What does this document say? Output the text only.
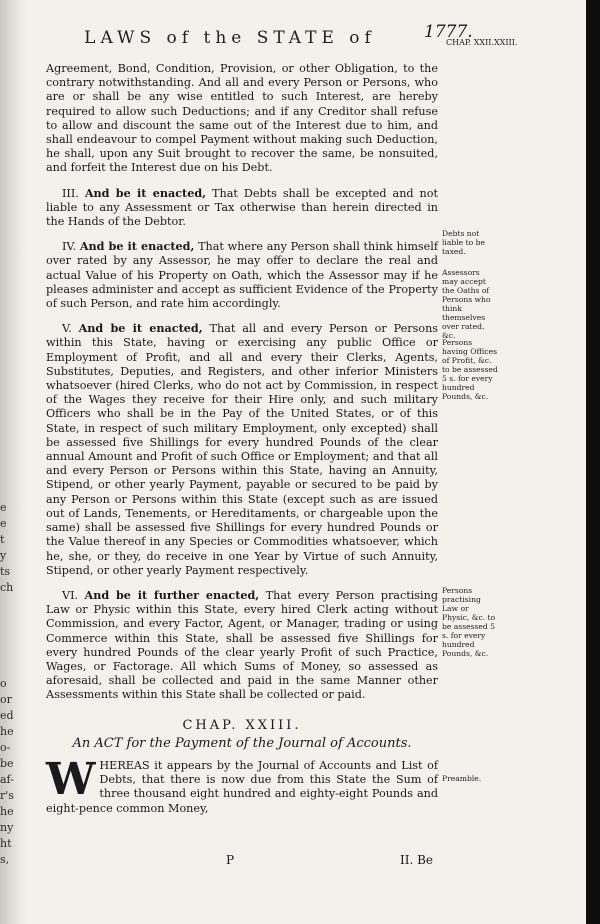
e
e
t
y
ts
ch

o
or
ed
he
o-
be
af-
r's
he
ny
ht
s,
LAWS of the STATE of	1777.
CHAP. XXII.XXIII.

Agreement, Bond, Condition, Provision, or other Obligation, to the contrary notwithstanding. And all and every Person or Persons, who are or shall be any wise entitled to such Interest, are hereby required to allow such Deductions; and if any Creditor shall refuse to allow and discount the same out of the Interest due to him, and shall endeavour to compel Payment without making such Deduction, he shall, upon any Suit brought to recover the same, be nonsuited, and forfeit the Interest due on his Debt.

III. And be it enacted, That Debts shall be excepted and not liable to any Assessment or Tax otherwise than herein directed in the Hands of the Debtor.

IV. And be it enacted, That where any Person shall think himself over rated by any Assessor, he may offer to declare the real and actual Value of his Property on Oath, which the Assessor may if he pleases administer and accept as sufficient Evidence of the Property of such Person, and rate him accordingly.

V. And be it enacted, That all and every Person or Persons within this State, having or exercising any public Office or Employment of Profit, and all and every their Clerks, Agents, Substitutes, Deputies, and Registers, and other inferior Ministers whatsoever (hired Clerks, who do not act by Commission, in respect of the Wages they receive for their Hire only, and such military Officers who shall be in the Pay of the United States, or of this State, in respect of such military Employment, only excepted) shall be assessed five Shillings for every hundred Pounds of the clear annual Amount and Profit of such Office or Employment; and that all and every Person or Persons within this State, having an Annuity, Stipend, or other yearly Payment, payable or secured to be paid by any Person or Persons within this State (except such as are issued out of Lands, Tenements, or Hereditaments, or chargeable upon the same) shall be assessed five Shillings for every hundred Pounds or the Value thereof in any Species or Commodities whatsoever, which he, she, or they, do receive in one Year by Virtue of such Annuity, Stipend, or other yearly Payment respectively.

VI. And be it further enacted, That every Person practising Law or Physic within this State, every hired Clerk acting without Commission, and every Factor, Agent, or Manager, trading or using Commerce within this State, shall be assessed five Shillings for every hundred Pounds of the clear yearly Profit of such Practice, Wages, or Factorage. All which Sums of Money, so assessed as aforesaid, shall be collected and paid in the same Manner other Assessments within this State shall be collected or paid.

CHAP. XXIII.

An ACT for the Payment of the Journal of Accounts.

W HEREAS it appears by the Journal of Accounts and List of Debts, that there is now due from this State the Sum of three thousand eight hundred and eighty-eight Pounds and eight-pence common Money,

Debts not liable to be taxed.
Assessors may accept the Oaths of Persons who think themselves over rated, &c.
Persons having Offices of Profit, &c. to be assessed 5 s. for every hundred Pounds, &c.
Persons practising Law or Physic, &c. to be assessed 5 s. for every hundred Pounds, &c.
Preamble.
P	II. Be
